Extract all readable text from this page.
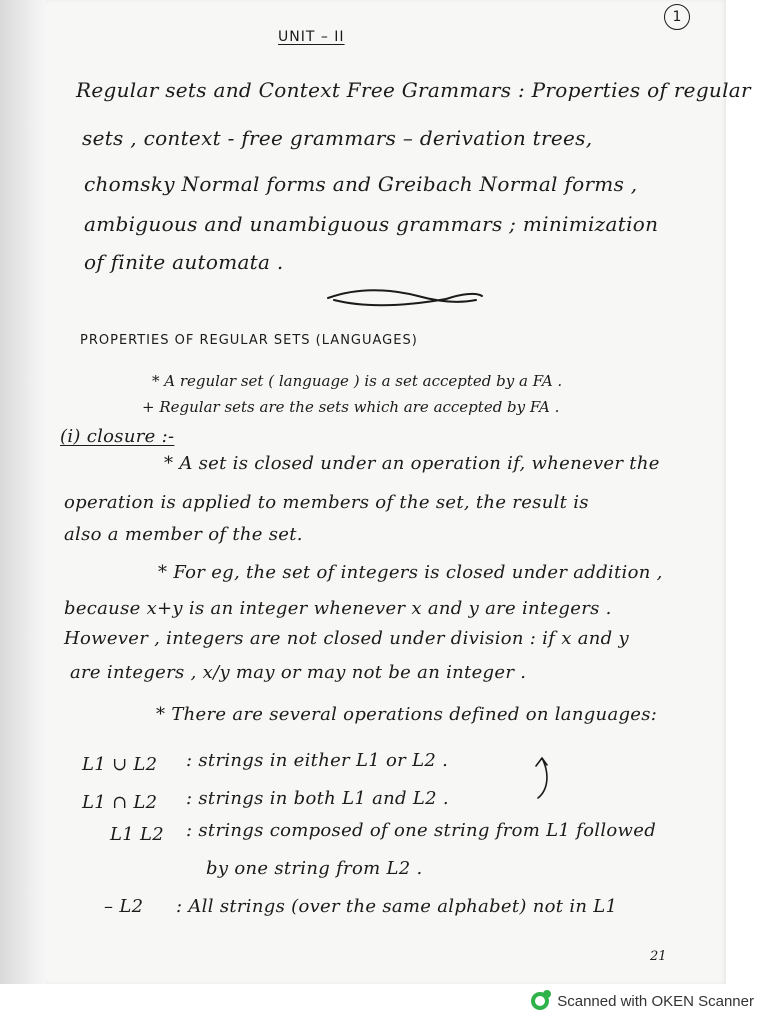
1
UNIT – II
Regular sets and Context Free Grammars : Properties of regular
sets , context - free grammars – derivation trees,
chomsky Normal forms and Greibach Normal forms ,
ambiguous and unambiguous grammars ; minimization
of finite automata .
PROPERTIES OF REGULAR SETS (LANGUAGES)
* A regular set ( language ) is a set accepted by a FA .
+ Regular sets are the sets which are accepted by FA .
(i) closure :-
* A set is closed under an operation if, whenever the
operation is applied to members of the set, the result is
also a member of the set.
* For eg, the set of integers is closed under addition ,
because x+y is an integer whenever x and y are integers .
However , integers are not closed under division : if x and y
are integers , x/y may or may not be an integer .
* There are several operations defined on languages:
L1 ∪ L2 : strings in either L1 or L2 .
L1 ∩ L2 : strings in both L1 and L2 .
L1 L2 : strings composed of one string from L1 followed
by one string from L2 .
– L2 : All strings (over the same alphabet) not in L1
21
Scanned with OKEN Scanner
